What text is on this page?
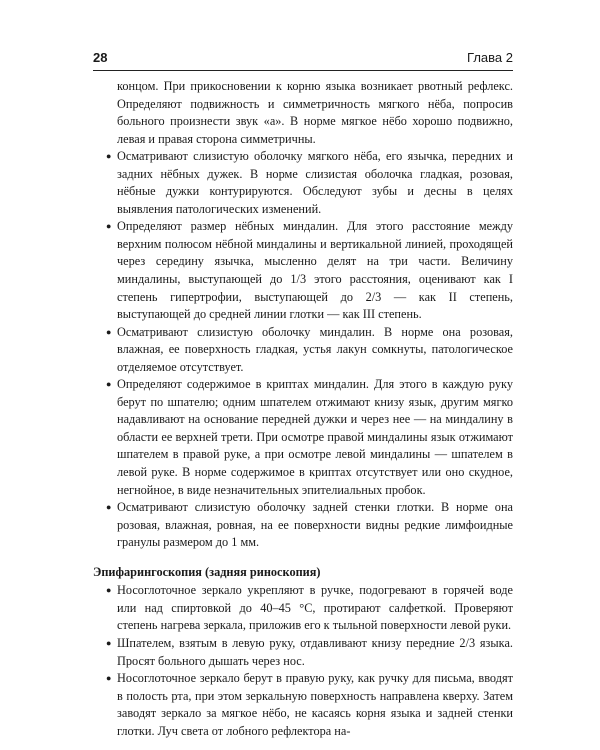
28	Глава 2

концом. При прикосновении к корню языка возникает рвотный рефлекс. Определяют подвижность и симметричность мягкого нёба, попросив больного произнести звук «а». В норме мягкое нёбо хорошо подвижно, левая и правая сторона симметричны.

● Осматривают слизистую оболочку мягкого нёба, его язычка, передних и задних нёбных дужек. В норме слизистая оболочка гладкая, розовая, нёбные дужки контурируются. Обследуют зубы и десны в целях выявления патологических изменений.

● Определяют размер нёбных миндалин. Для этого расстояние между верхним полюсом нёбной миндалины и вертикальной линией, проходящей через середину язычка, мысленно делят на три части. Величину миндалины, выступающей до 1/3 этого расстояния, оценивают как I степень гипертрофии, выступающей до 2/3 — как II степень, выступающей до средней линии глотки — как III степень.

● Осматривают слизистую оболочку миндалин. В норме она розовая, влажная, ее поверхность гладкая, устья лакун сомкнуты, патологическое отделяемое отсутствует.

● Определяют содержимое в криптах миндалин. Для этого в каждую руку берут по шпателю; одним шпателем отжимают книзу язык, другим мягко надавливают на основание передней дужки и через нее — на миндалину в области ее верхней трети. При осмотре правой миндалины язык отжимают шпателем в правой руке, а при осмотре левой миндалины — шпателем в левой руке. В норме содержимое в криптах отсутствует или оно скудное, негнойное, в виде незначительных эпителиальных пробок.

● Осматривают слизистую оболочку задней стенки глотки. В норме она розовая, влажная, ровная, на ее поверхности видны редкие лимфоидные гранулы размером до 1 мм.

Эпифарингоскопия (задняя риноскопия)

● Носоглоточное зеркало укрепляют в ручке, подогревают в горячей воде или над спиртовкой до 40–45 °С, протирают салфеткой. Проверяют степень нагрева зеркала, приложив его к тыльной поверхности левой руки.

● Шпателем, взятым в левую руку, отдавливают книзу передние 2/3 языка. Просят больного дышать через нос.

● Носоглоточное зеркало берут в правую руку, как ручку для письма, вводят в полость рта, при этом зеркальную поверхность направлена кверху. Затем заводят зеркало за мягкое нёбо, не касаясь корня языка и задней стенки глотки. Луч света от лобного рефлектора на-
